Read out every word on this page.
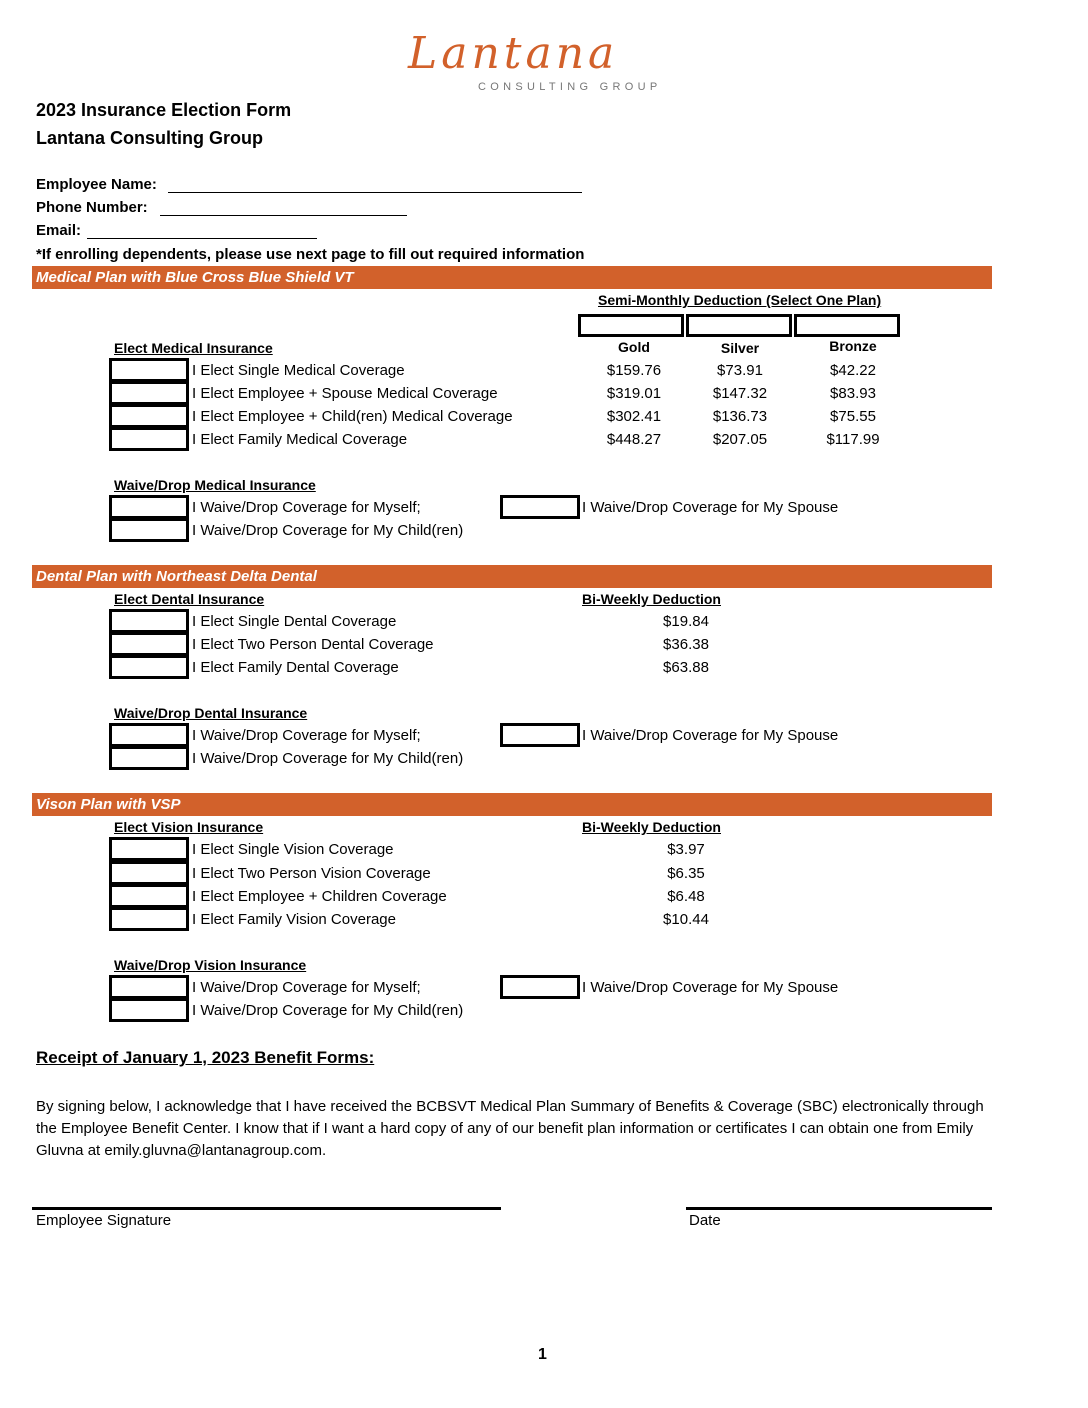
Lantana
CONSULTING GROUP
2023 Insurance Election Form
Lantana Consulting Group
Employee Name:
Phone Number:
Email:
*If enrolling dependents, please use next page to fill out required information
Medical Plan with Blue Cross Blue Shield VT
Semi-Monthly Deduction (Select One Plan)
Gold	Silver	Bronze
Elect Medical Insurance
I Elect Single Medical Coverage	$159.76	$73.91	$42.22
I Elect Employee + Spouse Medical Coverage	$319.01	$147.32	$83.93
I Elect Employee + Child(ren) Medical Coverage	$302.41	$136.73	$75.55
I Elect Family Medical Coverage	$448.27	$207.05	$117.99
Waive/Drop Medical Insurance
I Waive/Drop Coverage for Myself;	I Waive/Drop Coverage for My Spouse
I Waive/Drop Coverage for My Child(ren)
Dental Plan with Northeast Delta Dental
Elect Dental Insurance	Bi-Weekly Deduction
I Elect Single Dental Coverage	$19.84
I Elect Two Person Dental Coverage	$36.38
I Elect Family Dental Coverage	$63.88
Waive/Drop Dental Insurance
I Waive/Drop Coverage for Myself;	I Waive/Drop Coverage for My Spouse
I Waive/Drop Coverage for My Child(ren)
Vison Plan with VSP
Elect Vision Insurance	Bi-Weekly Deduction
I Elect Single Vision Coverage	$3.97
I Elect Two Person Vision Coverage	$6.35
I Elect Employee + Children Coverage	$6.48
I Elect Family Vision Coverage	$10.44
Waive/Drop Vision Insurance
I Waive/Drop Coverage for Myself;	I Waive/Drop Coverage for My Spouse
I Waive/Drop Coverage for My Child(ren)
Receipt of January 1, 2023 Benefit Forms:
By signing below, I acknowledge that I have received the BCBSVT Medical Plan Summary of Benefits & Coverage (SBC) electronically through the Employee Benefit Center. I know that if I want a hard copy of any of our benefit plan information or certificates I can obtain one from Emily Gluvna at emily.gluvna@lantanagroup.com.
Employee Signature	Date
1
